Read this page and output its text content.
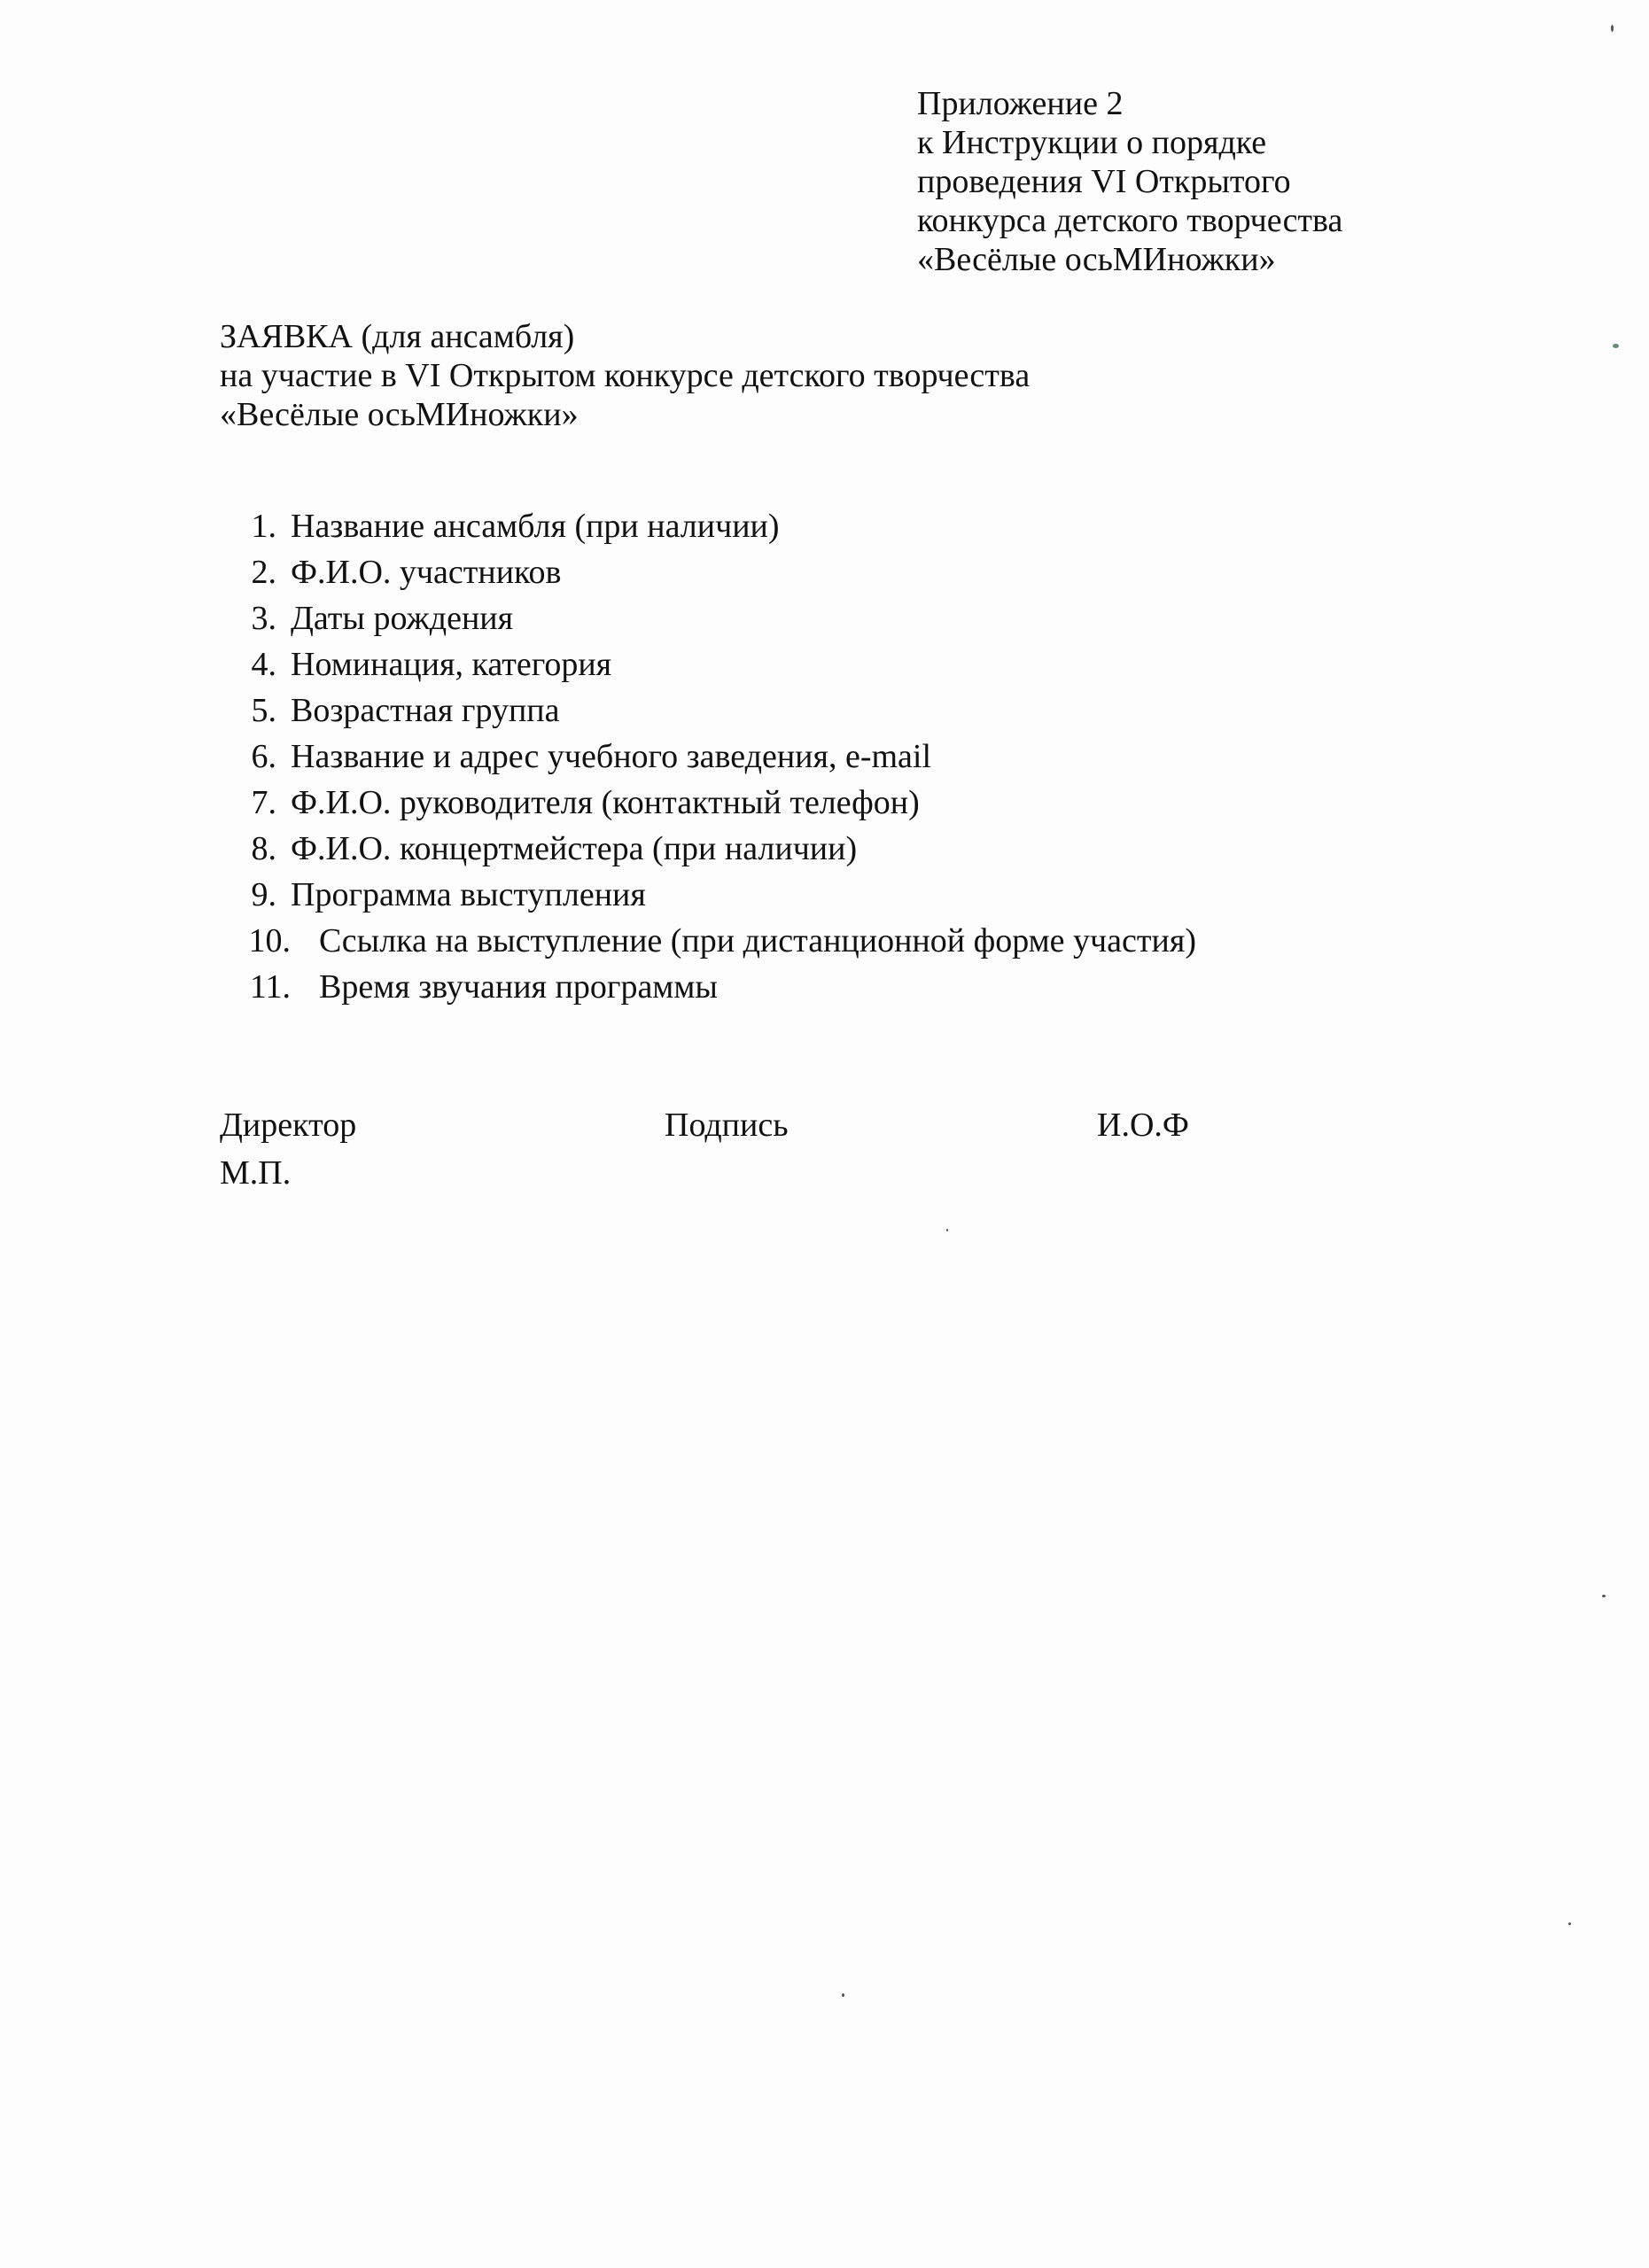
Приложение 2
к Инструкции о порядке
проведения VI Открытого
конкурса детского творчества
«Весёлые осьМИножки»
ЗАЯВКА (для ансамбля)
на участие в VI Открытом конкурсе детского творчества
«Весёлые осьМИножки»
1. Название ансамбля (при наличии)
2. Ф.И.О. участников
3. Даты рождения
4. Номинация, категория
5. Возрастная группа
6. Название и адрес учебного заведения, e-mail
7. Ф.И.О. руководителя (контактный телефон)
8. Ф.И.О. концертмейстера (при наличии)
9. Программа выступления
10. Ссылка на выступление (при дистанционной форме участия)
11. Время звучания программы
Директор	Подпись	И.О.Ф
М.П.
